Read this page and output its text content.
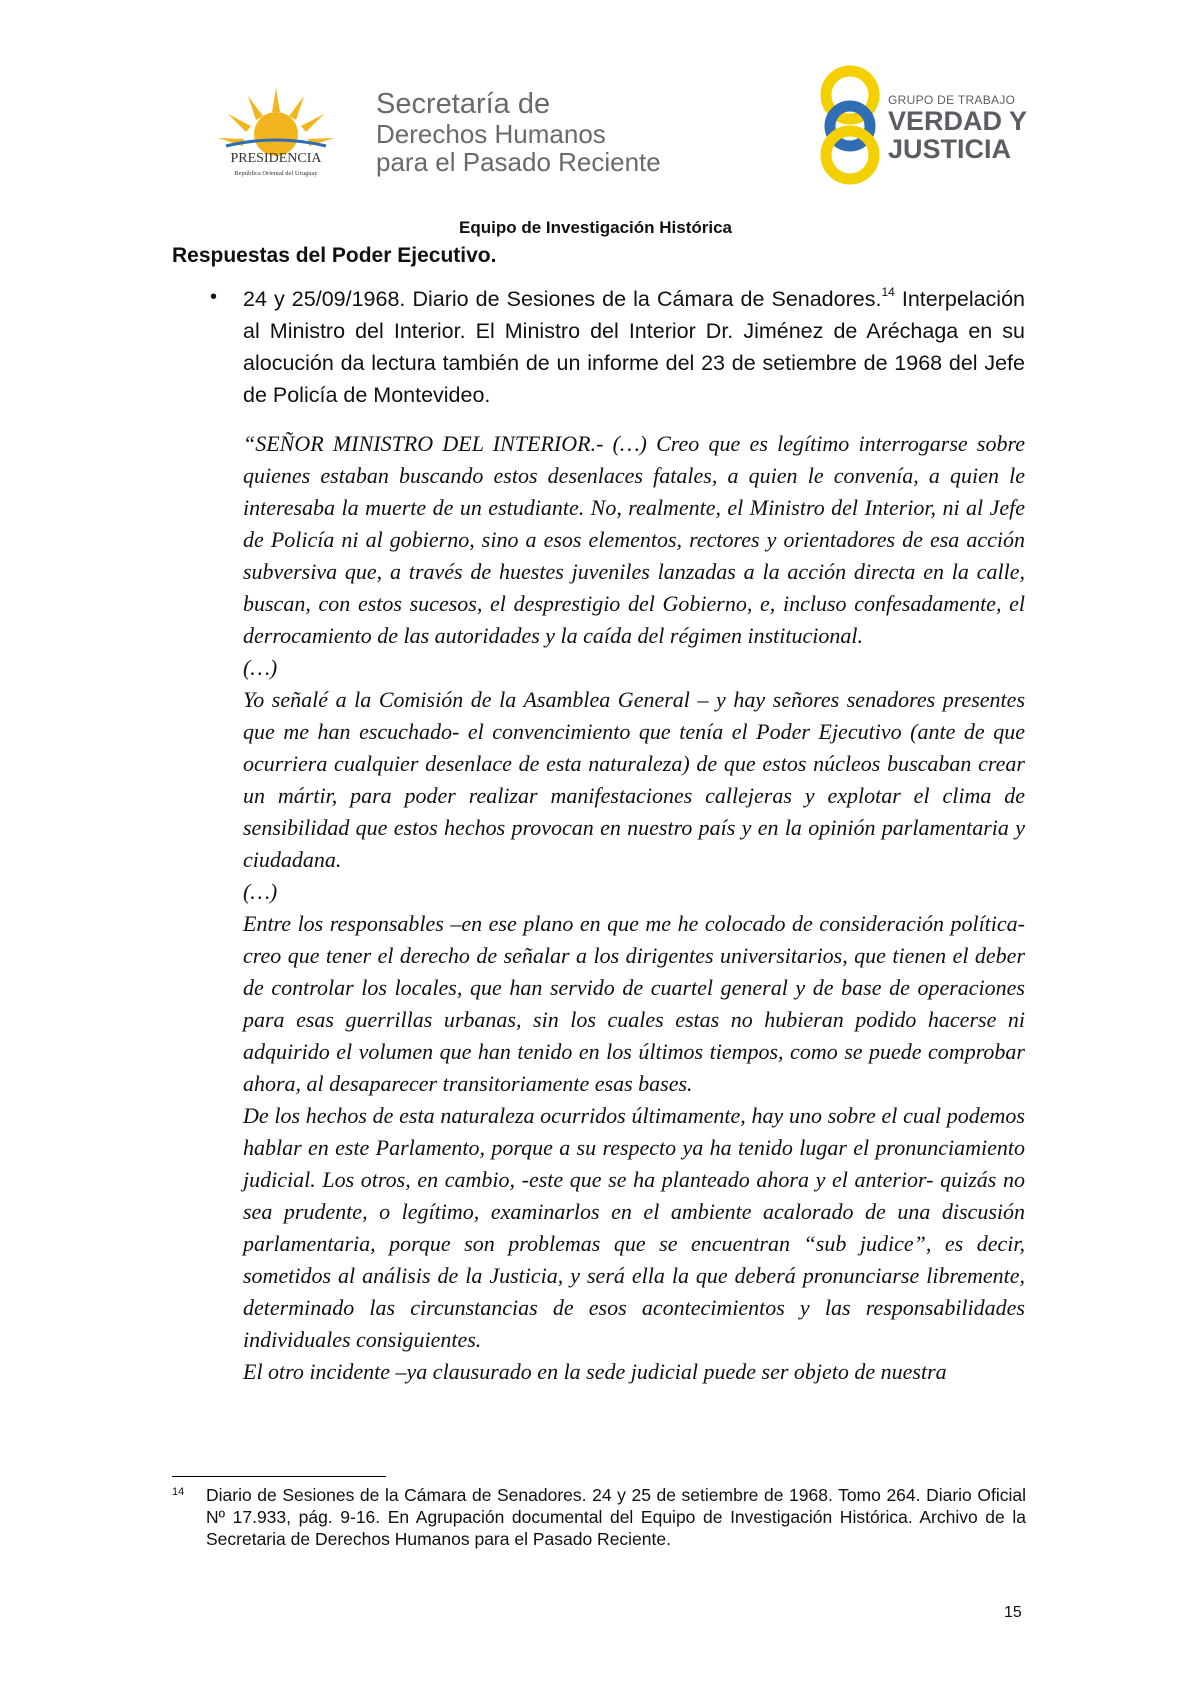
PRESIDENCIA
República Oriental del Uruguay
Secretaría de
Derechos Humanos
para el Pasado Reciente
GRUPO DE TRABAJO
VERDAD Y
JUSTICIA
Equipo de Investigación Histórica
Respuestas del Poder Ejecutivo.
• 24 y 25/09/1968. Diario de Sesiones de la Cámara de Senadores.$^{14}$ Interpelación al Ministro del Interior. El Ministro del Interior Dr. Jiménez de Aréchaga en su alocución da lectura también de un informe del 23 de setiembre de 1968 del Jefe de Policía de Montevideo.

“SEÑOR MINISTRO DEL INTERIOR.- (…) Creo que es legítimo interrogarse sobre quienes estaban buscando estos desenlaces fatales, a quien le convenía, a quien le interesaba la muerte de un estudiante. No, realmente, el Ministro del Interior, ni al Jefe de Policía ni al gobierno, sino a esos elementos, rectores y orientadores de esa acción subversiva que, a través de huestes juveniles lanzadas a la acción directa en la calle, buscan, con estos sucesos, el desprestigio del Gobierno, e, incluso confesadamente, el derrocamiento de las autoridades y la caída del régimen institucional.

(…)

Yo señalé a la Comisión de la Asamblea General – y hay señores senadores presentes que me han escuchado- el convencimiento que tenía el Poder Ejecutivo (ante de que ocurriera cualquier desenlace de esta naturaleza) de que estos núcleos buscaban crear un mártir, para poder realizar manifestaciones callejeras y explotar el clima de sensibilidad que estos hechos provocan en nuestro país y en la opinión parlamentaria y ciudadana.

(…)

Entre los responsables –en ese plano en que me he colocado de consideración política- creo que tener el derecho de señalar a los dirigentes universitarios, que tienen el deber de controlar los locales, que han servido de cuartel general y de base de operaciones para esas guerrillas urbanas, sin los cuales estas no hubieran podido hacerse ni adquirido el volumen que han tenido en los últimos tiempos, como se puede comprobar ahora, al desaparecer transitoriamente esas bases.

De los hechos de esta naturaleza ocurridos últimamente, hay uno sobre el cual podemos hablar en este Parlamento, porque a su respecto ya ha tenido lugar el pronunciamiento judicial. Los otros, en cambio, -este que se ha planteado ahora y el anterior- quizás no sea prudente, o legítimo, examinarlos en el ambiente acalorado de una discusión parlamentaria, porque son problemas que se encuentran “sub judice”, es decir, sometidos al análisis de la Justicia, y será ella la que deberá pronunciarse libremente, determinado las circunstancias de esos acontecimientos y las responsabilidades individuales consiguientes.

El otro incidente –ya clausurado en la sede judicial puede ser objeto de nuestra

14 Diario de Sesiones de la Cámara de Senadores. 24 y 25 de setiembre de 1968. Tomo 264. Diario Oficial Nº 17.933, pág. 9-16. En Agrupación documental del Equipo de Investigación Histórica. Archivo de la Secretaria de Derechos Humanos para el Pasado Reciente.
15
